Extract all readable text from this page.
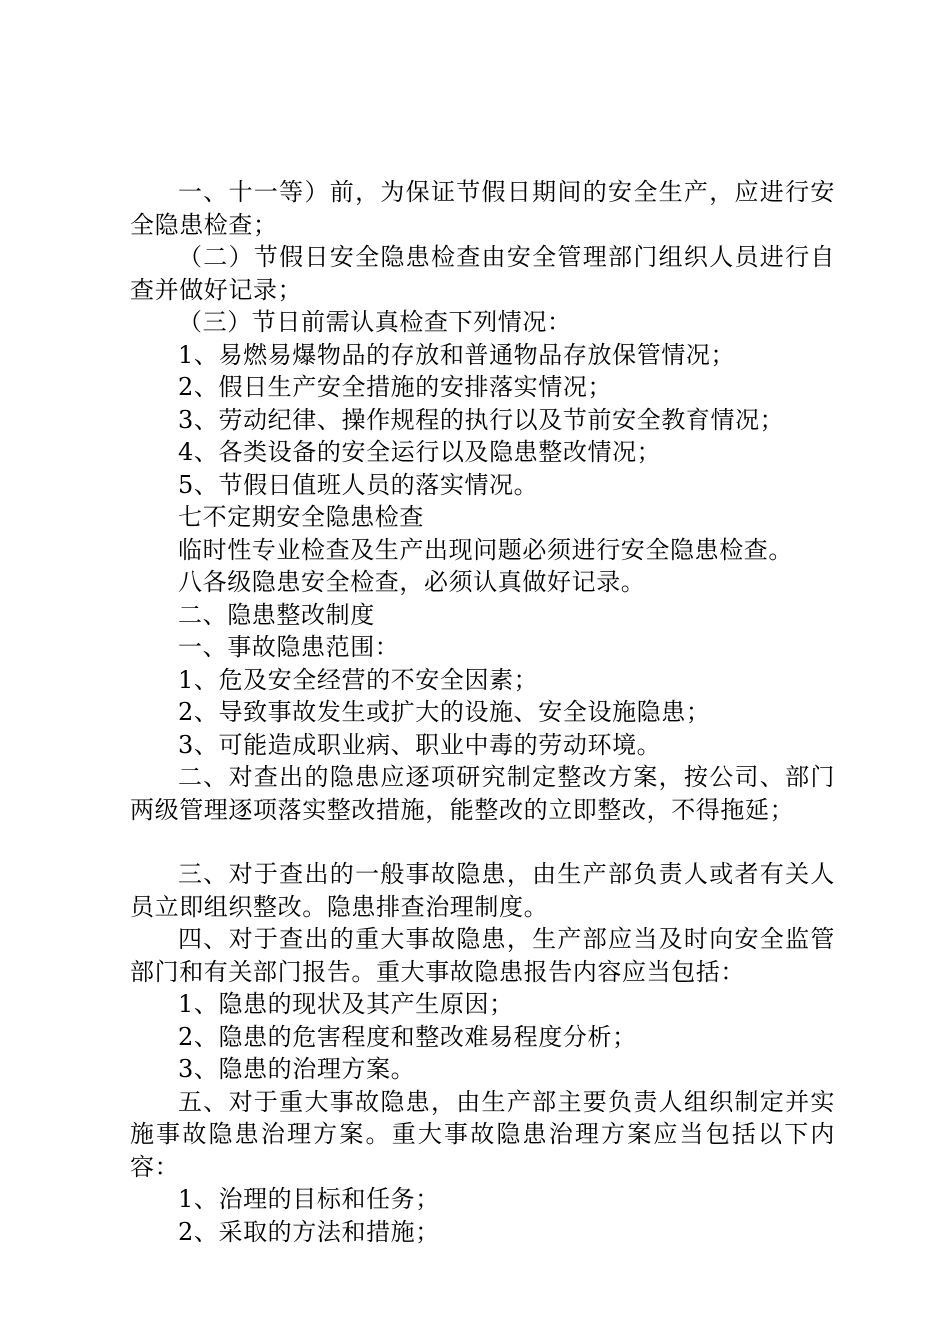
一、十一等）前，为保证节假日期间的安全生产，应进行安全隐患检查；

（二）节假日安全隐患检查由安全管理部门组织人员进行自查并做好记录；

（三）节日前需认真检查下列情况：

1、易燃易爆物品的存放和普通物品存放保管情况；

2、假日生产安全措施的安排落实情况；

3、劳动纪律、操作规程的执行以及节前安全教育情况；

4、各类设备的安全运行以及隐患整改情况；

5、节假日值班人员的落实情况。

七不定期安全隐患检查

临时性专业检查及生产出现问题必须进行安全隐患检查。

八各级隐患安全检查，必须认真做好记录。

二、隐患整改制度

一、事故隐患范围：

1、危及安全经营的不安全因素；

2、导致事故发生或扩大的设施、安全设施隐患；

3、可能造成职业病、职业中毒的劳动环境。

二、对查出的隐患应逐项研究制定整改方案，按公司、部门两级管理逐项落实整改措施，能整改的立即整改，不得拖延；

三、对于查出的一般事故隐患，由生产部负责人或者有关人员立即组织整改。隐患排查治理制度。

四、对于查出的重大事故隐患，生产部应当及时向安全监管部门和有关部门报告。重大事故隐患报告内容应当包括：

1、隐患的现状及其产生原因；

2、隐患的危害程度和整改难易程度分析；

3、隐患的治理方案。

五、对于重大事故隐患，由生产部主要负责人组织制定并实施事故隐患治理方案。重大事故隐患治理方案应当包括以下内容：

1、治理的目标和任务；

2、采取的方法和措施；
